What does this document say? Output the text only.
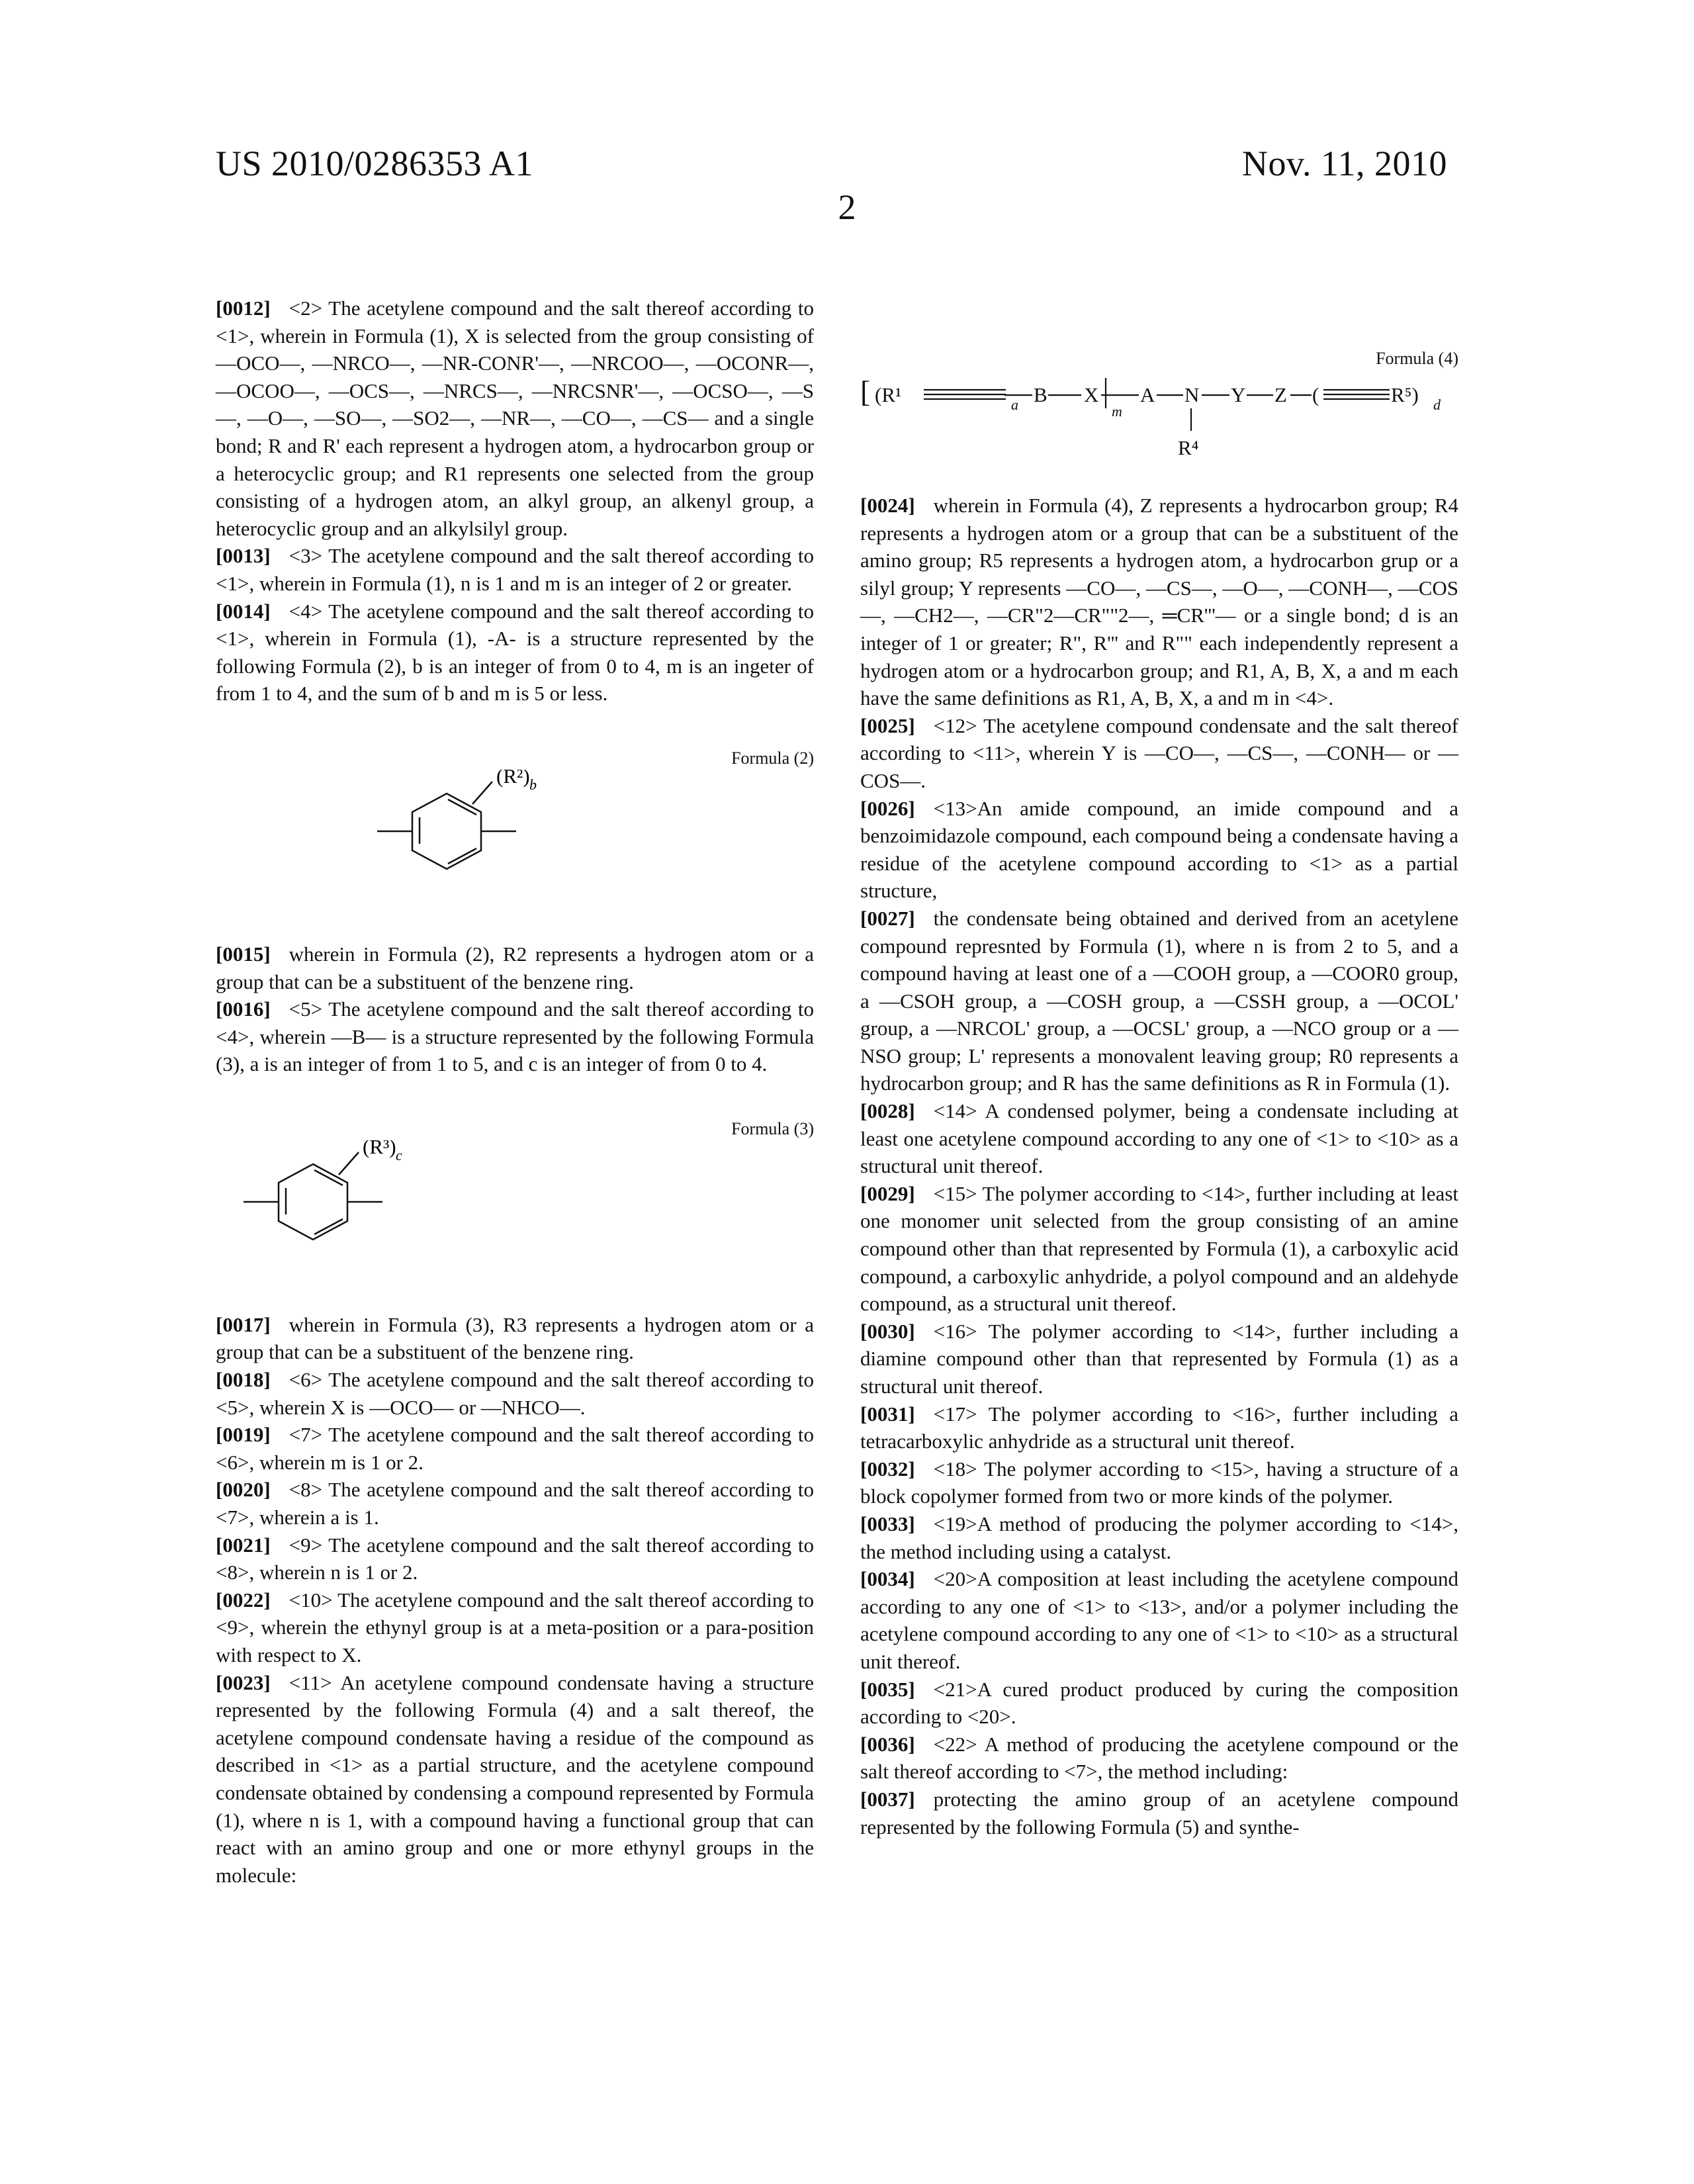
US 2010/0286353 A1	Nov. 11, 2010
2

[0012] <2> The acetylene compound and the salt thereof according to <1>, wherein in Formula (1), X is selected from the group consisting of —OCO—, —NRCO—, —NR-CONR'—, —NRCOO—, —OCONR—, —OCOO—, —OCS—, —NRCS—, —NRCSNR'—, —OCSO—, —S—, —O—, —SO—, —SO2—, —NR—, —CO—, —CS— and a single bond; R and R' each represent a hydrogen atom, a hydrocarbon group or a heterocyclic group; and R1 represents one selected from the group consisting of a hydrogen atom, an alkyl group, an alkenyl group, a heterocyclic group and an alkylsilyl group.

[0013] <3> The acetylene compound and the salt thereof according to <1>, wherein in Formula (1), n is 1 and m is an integer of 2 or greater.

[0014] <4> The acetylene compound and the salt thereof according to <1>, wherein in Formula (1), -A- is a structure represented by the following Formula (2), b is an integer of from 0 to 4, m is an ingeter of from 1 to 4, and the sum of b and m is 5 or less.

Formula (2)

(R²) b

[0015] wherein in Formula (2), R2 represents a hydrogen atom or a group that can be a substituent of the benzene ring.

[0016] <5> The acetylene compound and the salt thereof according to <4>, wherein —B— is a structure represented by the following Formula (3), a is an integer of from 1 to 5, and c is an integer of from 0 to 4.

Formula (3)

(R³) c

[0017] wherein in Formula (3), R3 represents a hydrogen atom or a group that can be a substituent of the benzene ring.

[0018] <6> The acetylene compound and the salt thereof according to <5>, wherein X is —OCO— or —NHCO—.

[0019] <7> The acetylene compound and the salt thereof according to <6>, wherein m is 1 or 2.

[0020] <8> The acetylene compound and the salt thereof according to <7>, wherein a is 1.

[0021] <9> The acetylene compound and the salt thereof according to <8>, wherein n is 1 or 2.

[0022] <10> The acetylene compound and the salt thereof according to <9>, wherein the ethynyl group is at a meta-position or a para-position with respect to X.

[0023] <11> An acetylene compound condensate having a structure represented by the following Formula (4) and a salt thereof, the acetylene compound condensate having a residue of the compound as described in <1> as a partial structure, and the acetylene compound condensate obtained by condensing a compound represented by Formula (1), where n is 1, with a compound having a functional group that can react with an amino group and one or more ethynyl groups in the molecule:

Formula (4)

[ (R¹	a B X
m
A N Y Z (	R⁵) d
R⁴

[0024] wherein in Formula (4), Z represents a hydrocarbon group; R4 represents a hydrogen atom or a group that can be a substituent of the amino group; R5 represents a hydrogen atom, a hydrocarbon grup or a silyl group; Y represents —CO—, —CS—, —O—, —CONH—, —COS—, —CH2—, —CR"2—CR""2—, ═CR'''— or a single bond; d is an integer of 1 or greater; R", R''' and R"" each independently represent a hydrogen atom or a hydrocarbon group; and R1, A, B, X, a and m each have the same definitions as R1, A, B, X, a and m in <4>.

[0025] <12> The acetylene compound condensate and the salt thereof according to <11>, wherein Y is —CO—, —CS—, —CONH— or —COS—.

[0026] <13>An amide compound, an imide compound and a benzoimidazole compound, each compound being a condensate having a residue of the acetylene compound according to <1> as a partial structure,

[0027] the condensate being obtained and derived from an acetylene compound represnted by Formula (1), where n is from 2 to 5, and a compound having at least one of a —COOH group, a —COOR0 group, a —CSOH group, a —COSH group, a —CSSH group, a —OCOL' group, a —NRCOL' group, a —OCSL' group, a —NCO group or a —NSO group; L' represents a monovalent leaving group; R0 represents a hydrocarbon group; and R has the same definitions as R in Formula (1).

[0028] <14> A condensed polymer, being a condensate including at least one acetylene compound according to any one of <1> to <10> as a structural unit thereof.

[0029] <15> The polymer according to <14>, further including at least one monomer unit selected from the group consisting of an amine compound other than that represented by Formula (1), a carboxylic acid compound, a carboxylic anhydride, a polyol compound and an aldehyde compound, as a structural unit thereof.

[0030] <16> The polymer according to <14>, further including a diamine compound other than that represented by Formula (1) as a structural unit thereof.

[0031] <17> The polymer according to <16>, further including a tetracarboxylic anhydride as a structural unit thereof.

[0032] <18> The polymer according to <15>, having a structure of a block copolymer formed from two or more kinds of the polymer.

[0033] <19>A method of producing the polymer according to <14>, the method including using a catalyst.

[0034] <20>A composition at least including the acetylene compound according to any one of <1> to <13>, and/or a polymer including the acetylene compound according to any one of <1> to <10> as a structural unit thereof.

[0035] <21>A cured product produced by curing the composition according to <20>.

[0036] <22> A method of producing the acetylene compound or the salt thereof according to <7>, the method including:

[0037] protecting the amino group of an acetylene compound represented by the following Formula (5) and synthe-
